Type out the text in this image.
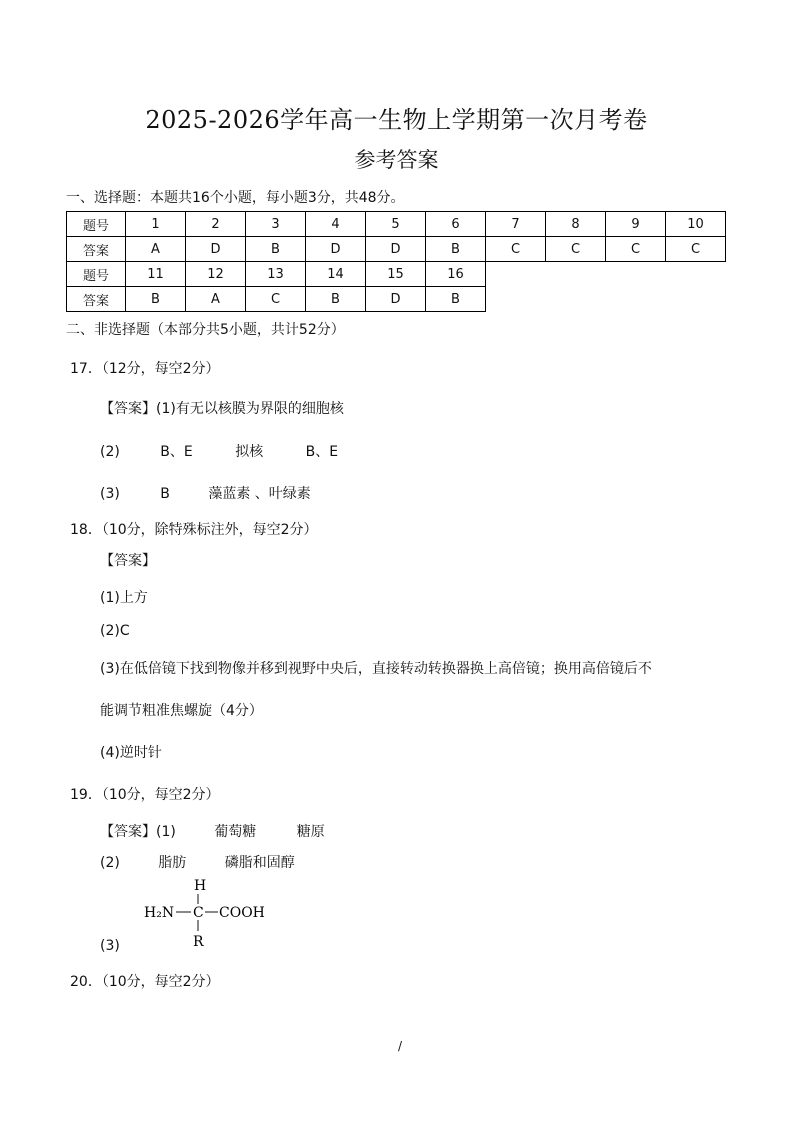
2025-2026学年高一生物上学期第一次月考卷
参考答案
一、选择题：本题共16个小题，每小题3分，共48分。
题号	1	2	3	4	5	6	7	8	9	10
答案	A	D	B	D	D	B	C	C	C	C
题号	11	12	13	14	15	16				
答案	B	A	C	B	D	B				
二、非选择题（本部分共5小题，共计52分）
17．（12分，每空2分）
【答案】(1)有无以核膜为界限的细胞核
(2)	B、E	拟核	B、E
(3)	B	藻蓝素 、叶绿素
18．（10分，除特殊标注外，每空2分）
【答案】
(1)上方
(2)C
(3)在低倍镜下找到物像并移到视野中央后，直接转动转换器换上高倍镜；换用高倍镜后不
能调节粗准焦螺旋（4分）
(4)逆时针
19．（10分，每空2分）
【答案】(1)	葡萄糖	糖原
(2)	脂肪	磷脂和固醇
H
H₂N C COOH
R
(3)
20．（10分，每空2分）
/
